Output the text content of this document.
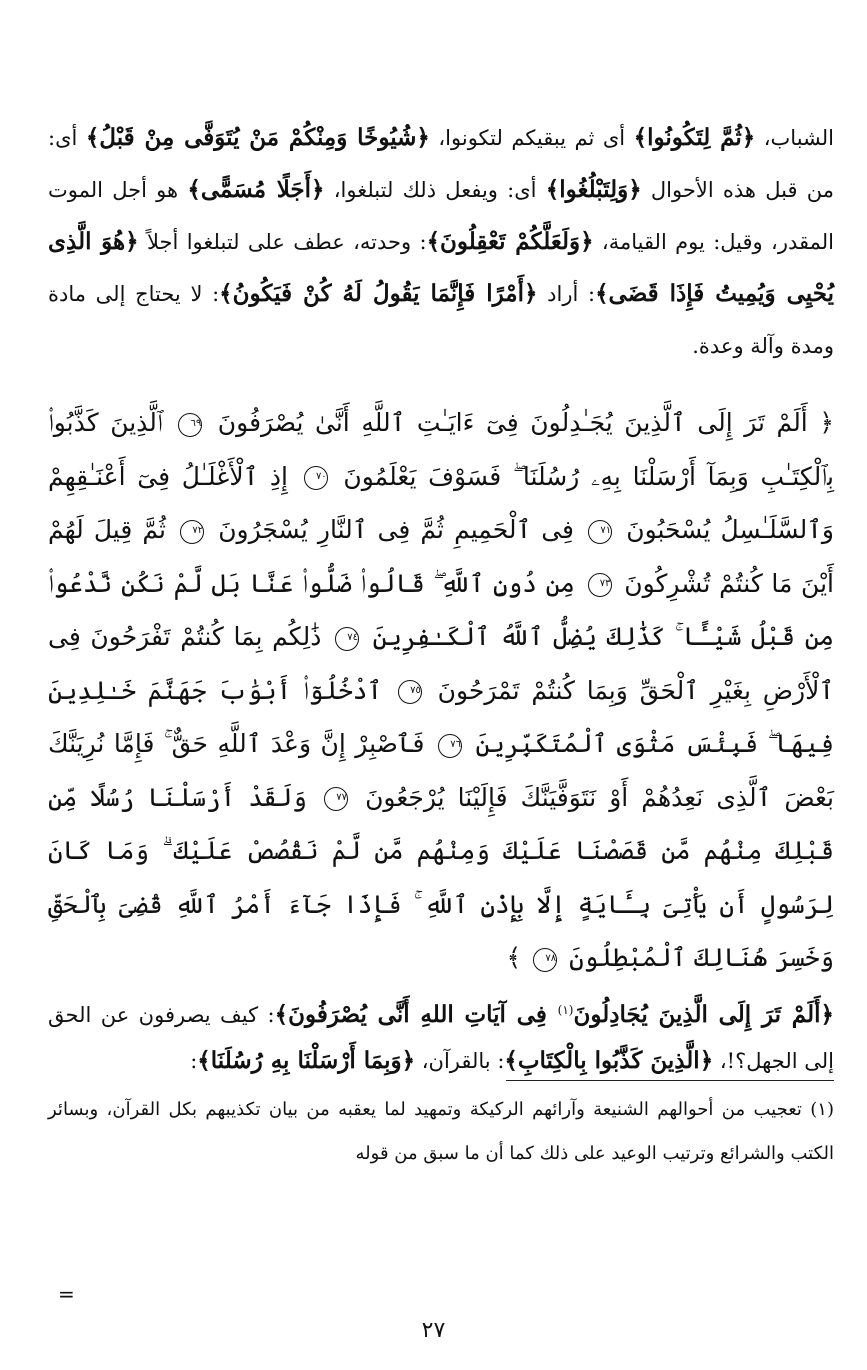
الشباب، ﴿ثُمَّ لِتَكُونُوا﴾ أى ثم يبقيكم لتكونوا، ﴿شُيُوخًا وَمِنْكُمْ مَنْ يُتَوَفَّى مِنْ قَبْلُ﴾ أى: من قبل هذه الأحوال ﴿وَلِتَبْلُغُوا﴾ أى: ويفعل ذلك لتبلغوا، ﴿أَجَلًا مُسَمًّى﴾ هو أجل الموت المقدر، وقيل: يوم القيامة، ﴿وَلَعَلَّكُمْ تَعْقِلُونَ﴾: وحدته، عطف على لتبلغوا أجلاً ﴿هُوَ الَّذِى يُحْيِى وَيُمِيتُ فَإِذَا قَضَى﴾: أراد ﴿أَمْرًا فَإِنَّمَا يَقُولُ لَهُ كُنْ فَيَكُونُ﴾: لا يحتاج إلى مادة ومدة وآلة وعدة.

﴿ أَلَمْ تَرَ إِلَى ٱلَّذِينَ يُجَـٰدِلُونَ فِىٓ ءَايَـٰتِ ٱللَّهِ أَنَّىٰ يُصْرَفُونَ ٦٩ ٱلَّذِينَ كَذَّبُوا۟ بِٱلْكِتَـٰبِ وَبِمَآ أَرْسَلْنَا بِهِۦ رُسُلَنَا ۖ فَسَوْفَ يَعْلَمُونَ ٧٠ إِذِ ٱلْأَغْلَـٰلُ فِىٓ أَعْنَـٰقِهِمْ وَٱلسَّلَـٰسِلُ يُسْحَبُونَ ٧١ فِى ٱلْحَمِيمِ ثُمَّ فِى ٱلنَّارِ يُسْجَرُونَ ٧٢ ثُمَّ قِيلَ لَهُمْ أَيْنَ مَا كُنتُمْ تُشْرِكُونَ ٧٣ مِن دُونِ ٱللَّهِ ۖ قَالُوا۟ ضَلُّوا۟ عَنَّا بَل لَّمْ نَكُن نَّدْعُوا۟ مِن قَبْلُ شَيْـًٔا ۚ كَذَٰلِكَ يُضِلُّ ٱللَّهُ ٱلْكَـٰفِرِينَ ٧٤ ذَٰلِكُم بِمَا كُنتُمْ تَفْرَحُونَ فِى ٱلْأَرْضِ بِغَيْرِ ٱلْحَقِّ وَبِمَا كُنتُمْ تَمْرَحُونَ ٧٥ ٱدْخُلُوٓا۟ أَبْوَٰبَ جَهَنَّمَ خَـٰلِدِينَ فِيهَا ۖ فَبِئْسَ مَثْوَى ٱلْمُتَكَبِّرِينَ ٧٦ فَٱصْبِرْ إِنَّ وَعْدَ ٱللَّهِ حَقٌّ ۚ فَإِمَّا نُرِيَنَّكَ بَعْضَ ٱلَّذِى نَعِدُهُمْ أَوْ نَتَوَفَّيَنَّكَ فَإِلَيْنَا يُرْجَعُونَ ٧٧ وَلَقَدْ أَرْسَلْنَا رُسُلًا مِّن قَبْلِكَ مِنْهُم مَّن قَصَصْنَا عَلَيْكَ وَمِنْهُم مَّن لَّمْ نَقْصُصْ عَلَيْكَ ۗ وَمَا كَانَ لِرَسُولٍ أَن يَأْتِىَ بِـَٔايَةٍ إِلَّا بِإِذْنِ ٱللَّهِ ۚ فَإِذَا جَآءَ أَمْرُ ٱللَّهِ قُضِىَ بِٱلْحَقِّ وَخَسِرَ هُنَالِكَ ٱلْمُبْطِلُونَ ٧٨ ﴾

﴿أَلَمْ تَرَ إِلَى الَّذِينَ يُجَادِلُونَ$^{(١)}$ فِى آيَاتِ اللهِ أَنَّى يُصْرَفُونَ﴾: كيف يصرفون عن الحق إلى الجهل؟!، ﴿الَّذِينَ كَذَّبُوا بِالْكِتَابِ﴾: بالقرآن، ﴿وَبِمَا أَرْسَلْنَا بِهِ رُسُلَنَا﴾:

(١) تعجيب من أحوالهم الشنيعة وآرائهم الركيكة وتمهيد لما يعقبه من بيان تكذيبهم بكل القرآن، وبسائر الكتب والشرائع وترتيب الوعيد على ذلك كما أن ما سبق من قوله
=
٢٧
